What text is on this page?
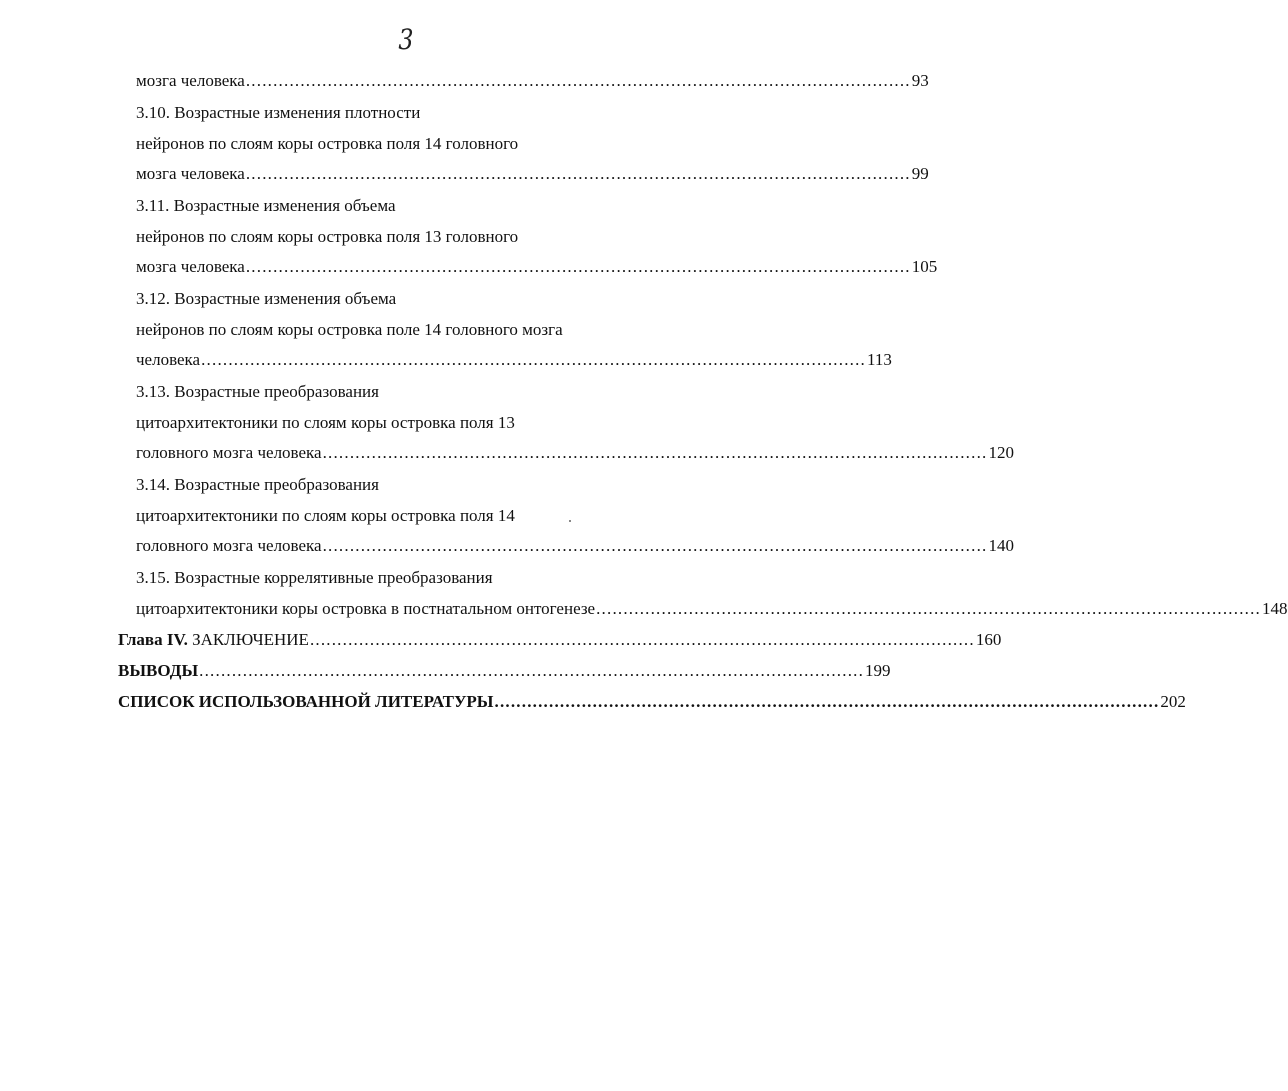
3
мозга человека .......................................................................................................................... 93
3.10. Возрастные изменения плотности
нейронов по слоям коры островка поля 14 головного
мозга человека .......................................................................................................................... 99
3.11. Возрастные изменения объема
нейронов по слоям коры островка поля 13 головного
мозга человека .......................................................................................................................... 105
3.12. Возрастные изменения объема
нейронов по слоям коры островка поле 14 головного мозга
человека .......................................................................................................................... 113
3.13. Возрастные преобразования
цитоархитектоники по слоям коры островка поля 13
головного мозга человека .......................................................................................................................... 120
3.14. Возрастные преобразования
цитоархитектоники по слоям коры островка поля 14
головного мозга человека .......................................................................................................................... 140
3.15. Возрастные коррелятивные преобразования
цитоархитектоники коры островка в постнатальном онтогенезе .......................................................................................................................... 148
Глава IV. ЗАКЛЮЧЕНИЕ .......................................................................................................................... 160
ВЫВОДЫ .......................................................................................................................... 199
СПИСОК ИСПОЛЬЗОВАННОЙ ЛИТЕРАТУРЫ .......................................................................................................................... 202
